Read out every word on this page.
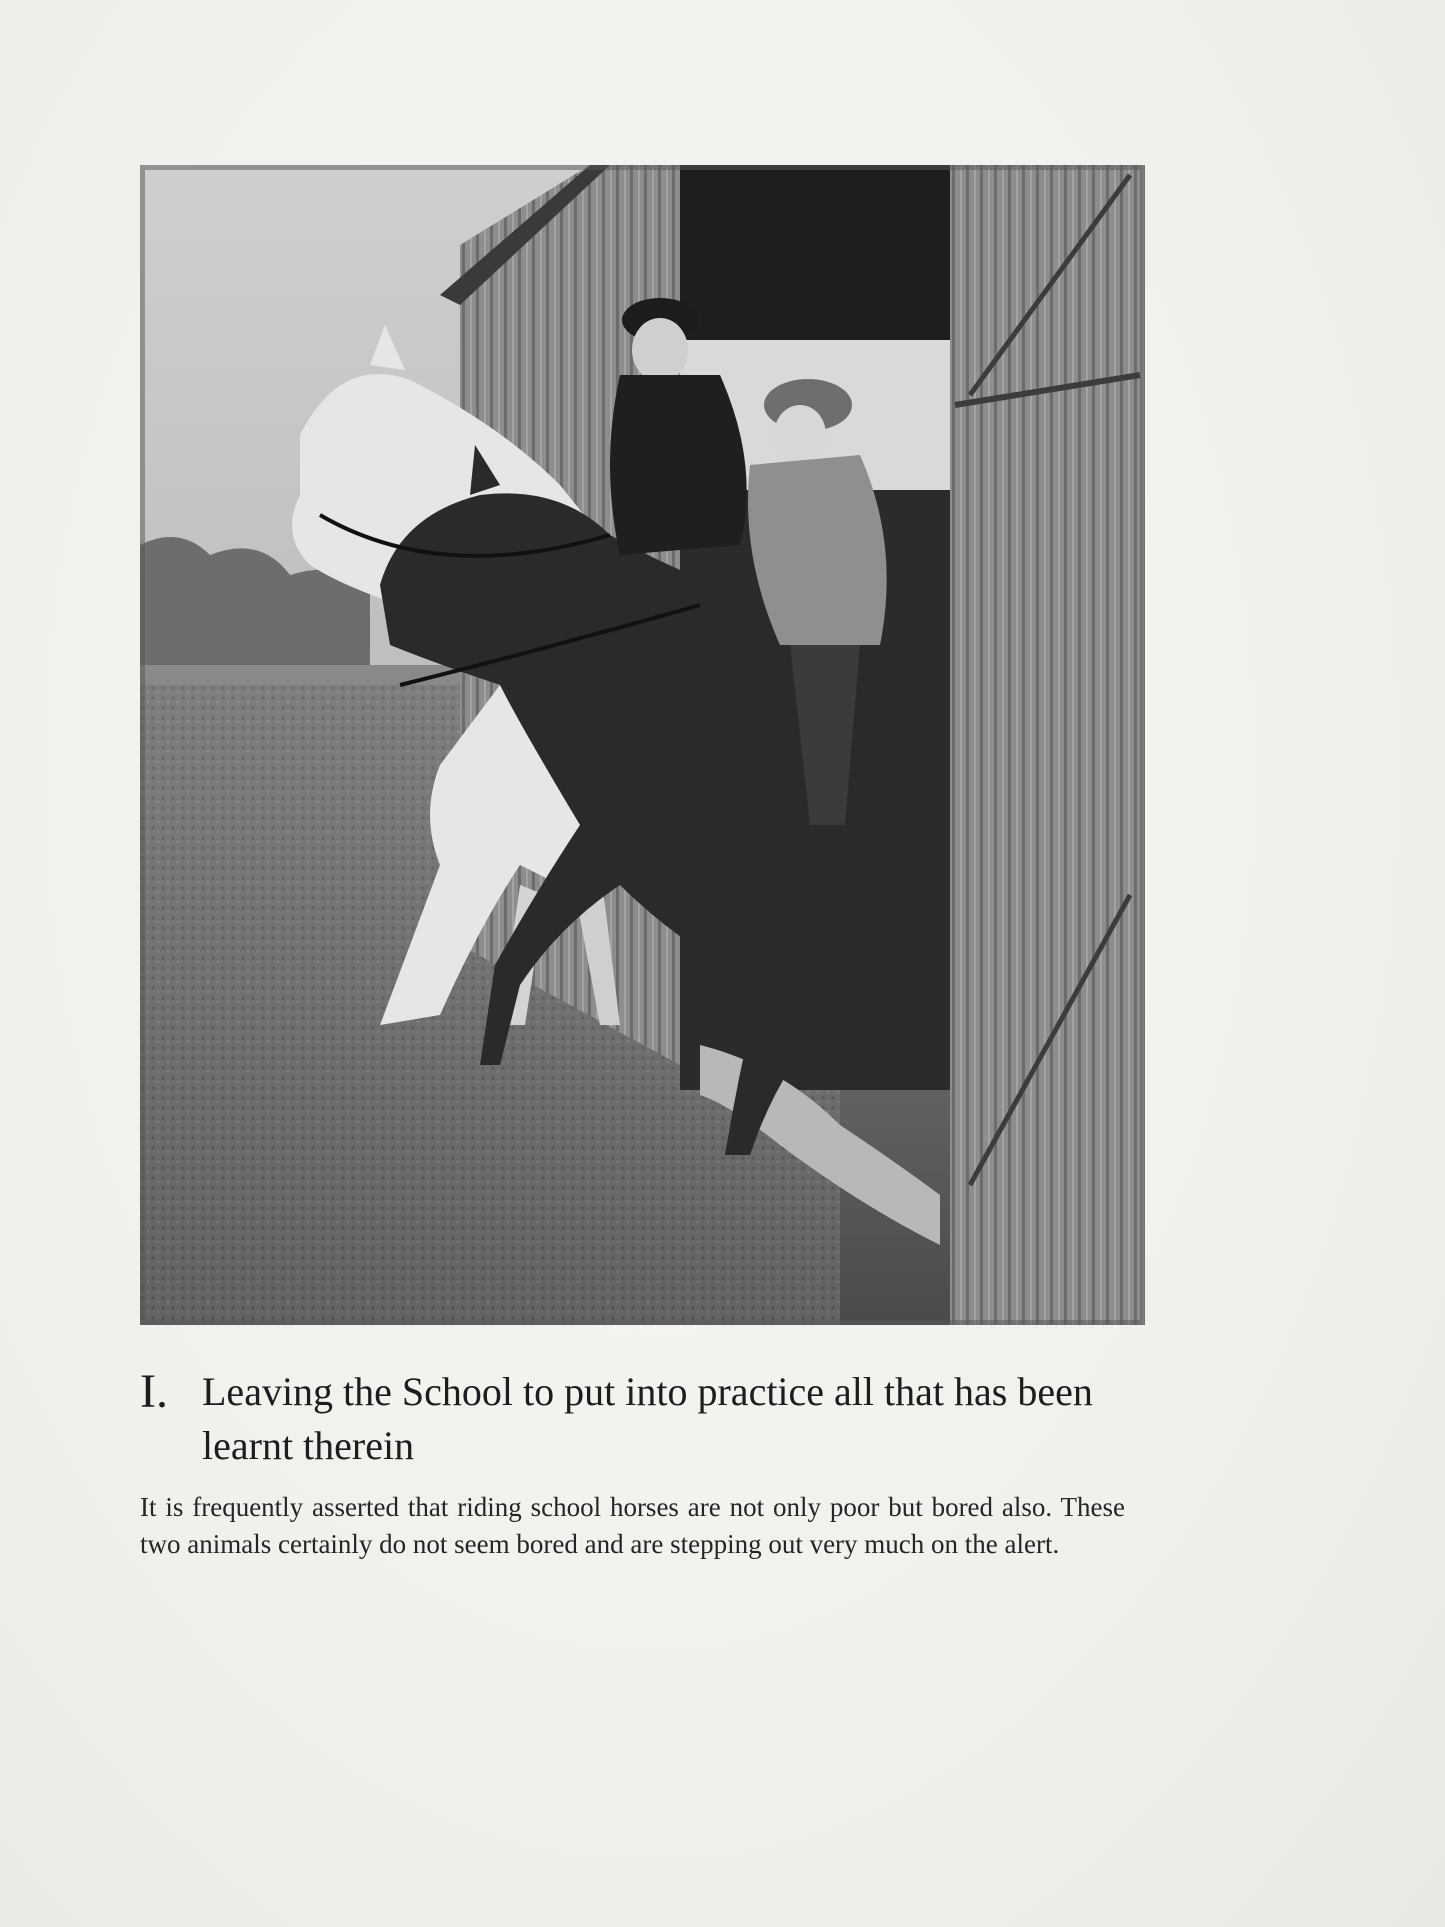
I. Leaving the School to put into practice all that has been learnt therein
It is frequently asserted that riding school horses are not only poor but bored also. These two animals certainly do not seem bored and are stepping out very much on the alert.
